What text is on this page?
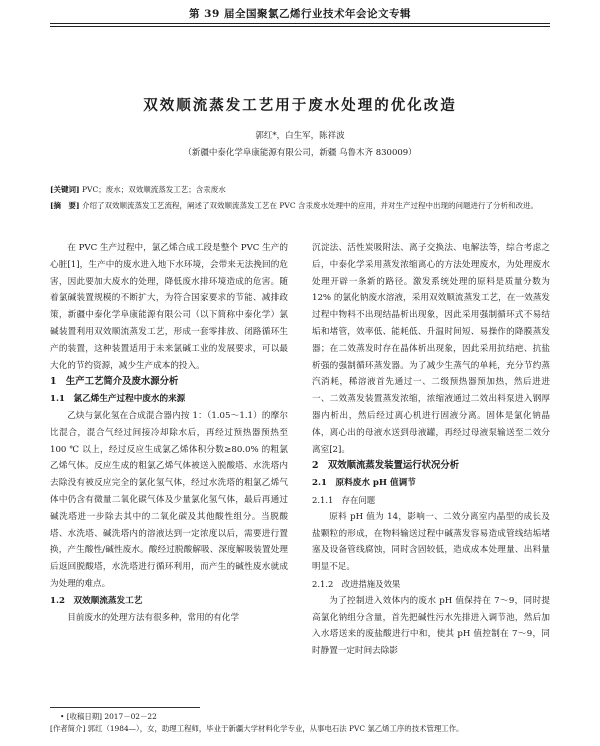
第 39 届全国聚氯乙烯行业技术年会论文专辑
双效顺流蒸发工艺用于废水处理的优化改造
郭红*，白生军，陈祥波
（新疆中泰化学阜康能源有限公司，新疆 乌鲁木齐 830009）
[关键词] PVC；废水；双效顺流蒸发工艺；含汞废水
[摘　要] 介绍了双效顺流蒸发工艺流程，阐述了双效顺流蒸发工艺在 PVC 含汞废水处理中的应用，并对生产过程中出现的问题进行了分析和改进。

在 PVC 生产过程中，氯乙烯合成工段是整个 PVC 生产的心脏[1]，生产中的废水进入地下水环境，会带来无法挽回的危害，因此要加大废水的处理，降低废水排环境造成的危害。随着氯碱装置规模的不断扩大，为符合国家要求的节能、减排政策，新疆中泰化学阜康能源有限公司（以下简称中泰化学）氯碱装置利用双效顺流蒸发工艺，形成一套零排放、闭路循环生产的装置，这种装置适用于未来氯碱工业的发展要求，可以最大化的节约资源，减少生产成本的投入。

1　生产工艺简介及废水源分析

1.1　氯乙烯生产过程中废水的来源

乙炔与氯化氢在合成混合器内按 1：（1.05～1.1）的摩尔比混合，混合气经过间接冷却除水后，再经过预热器预热至 100 ℃ 以上，经过反应生成氯乙烯体积分数≥80.0% 的粗氯乙烯气体。反应生成的粗氯乙烯气体被送入脱酸塔、水洗塔内去除没有被反应完全的氯化氢气体，经过水洗塔的粗氯乙烯气体中仍含有微量二氧化碳气体及少量氯化氢气体，最后再通过碱洗塔进一步除去其中的二氧化碳及其他酸性组分。当脱酸塔、水洗塔、碱洗塔内的溶液达到一定浓度以后，需要进行置换，产生酸性/碱性废水。酸经过脱酸解吸、深度解吸装置处理后返回脱酸塔，水洗塔进行循环利用，而产生的碱性废水就成为处理的难点。

1.2　双效顺流蒸发工艺

目前废水的处理方法有很多种，常用的有化学

沉淀法、活性炭吸附法、离子交换法、电解法等，综合考虑之后，中泰化学采用蒸发浓缩离心的方法处理废水，为处理废水处理开辟一条新的路径。激发系统处理的原料是质量分数为 12% 的氯化钠废水溶液，采用双效顺流蒸发工艺，在一效蒸发过程中物料不出现结晶析出现象，因此采用强制循环式不易结垢和堵管，效率低、能耗低、升温时间短、易操作的降膜蒸发器；在二效蒸发时存在晶体析出现象，因此采用抗结疤、抗盐析强的强制循环蒸发器。为了减少生蒸气的单耗，充分节约蒸汽消耗，稀溶液首先通过一、二级预热器预加热，然后进进一、二效蒸发装置蒸发浓缩，浓缩液通过二效出料泵进入钢厚器内析出，然后经过离心机进行固液分离。固体是氯化钠晶体，离心出的母液水送到母液罐，再经过母液泵输送至二效分离室[2]。

2　双效顺流蒸发装置运行状况分析

2.1　原料废水 pH 值调节

2.1.1　存在问题

原料 pH 值为 14，影响一、二效分离室内晶型的成长及盐颗粒的形成，在物料输送过程中碱蒸发容易造成管线结垢堵塞及设备管线腐蚀，同时含固较低，造成成本处理量、出料量明显不足。

2.1.2　改进措施及效果

为了控制进入效体内的废水 pH 值保持在 7～9，同时提高氯化钠组分含量，首先把碱性污水先排进入调节池，然后加入水塔送来的废盐酸进行中和，使其 pH 值控制在 7～9，同时静置一定时间去除影

• [收稿日期] 2017－02－22
[作者简介] 郭红（1984—），女，助理工程师，毕业于新疆大学材料化学专业，从事电石法 PVC 氯乙烯工序的技术管理工作。
